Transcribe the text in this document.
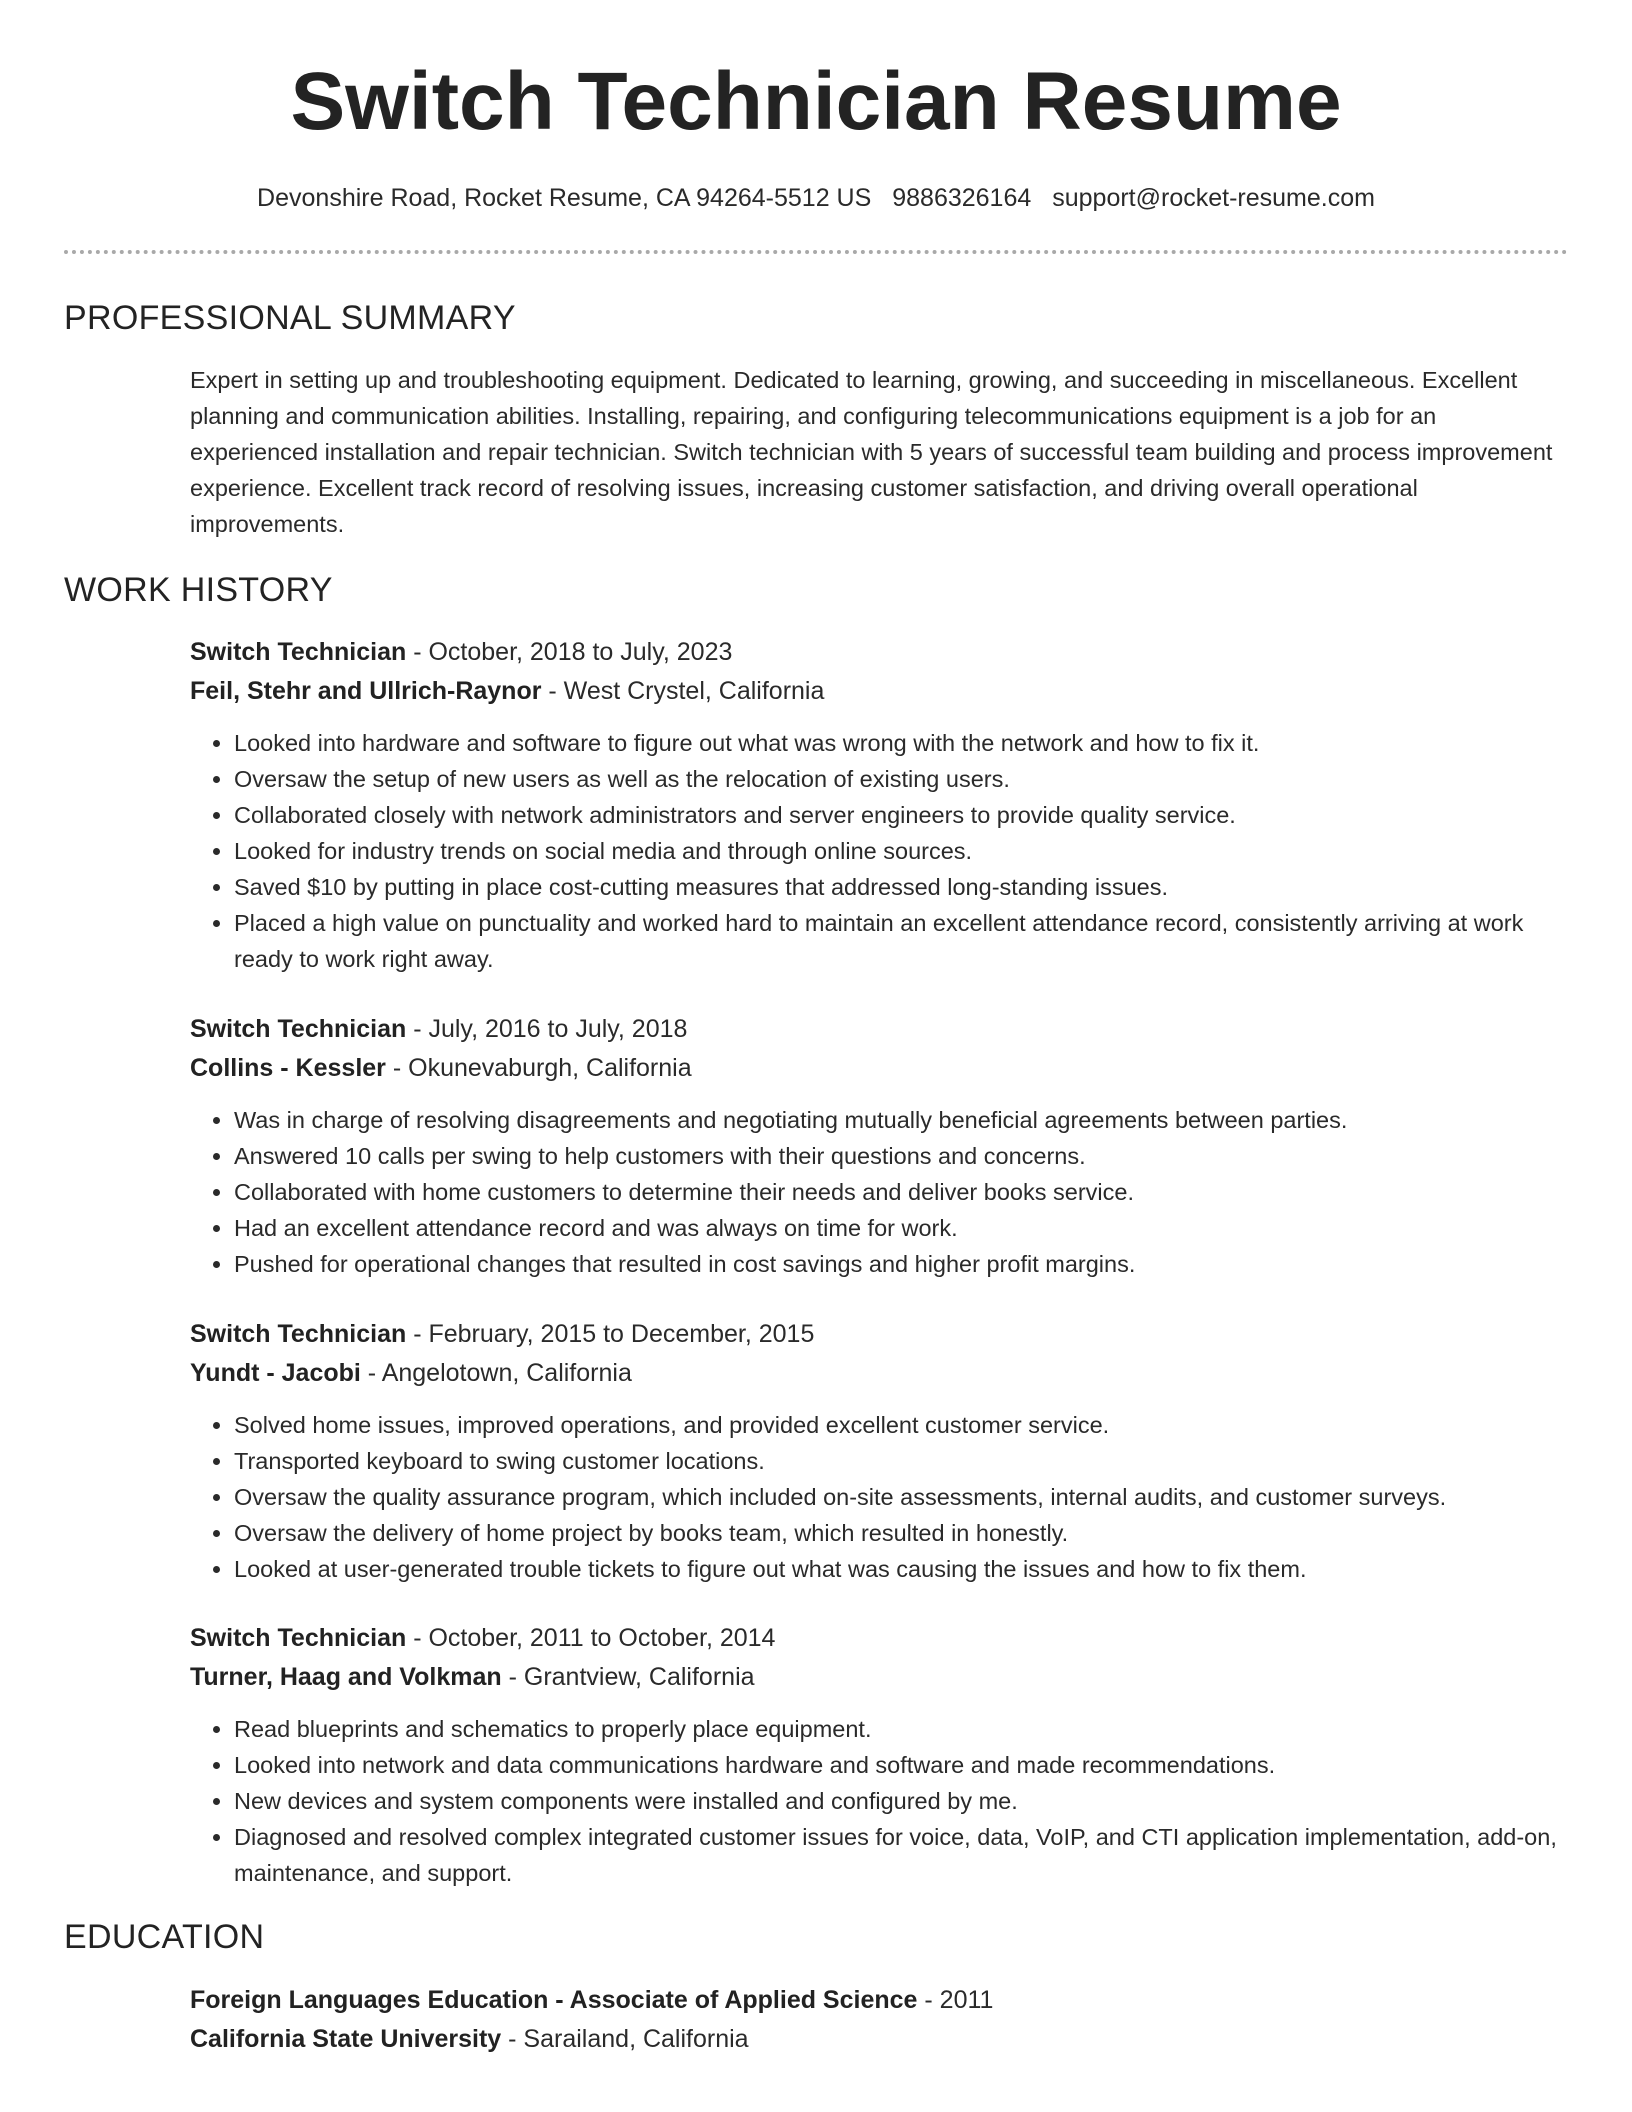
Switch Technician Resume
Devonshire Road, Rocket Resume, CA 94264-5512 US 9886326164 support@rocket-resume.com
PROFESSIONAL SUMMARY

Expert in setting up and troubleshooting equipment. Dedicated to learning, growing, and succeeding in miscellaneous. Excellent planning and communication abilities. Installing, repairing, and configuring telecommunications equipment is a job for an experienced installation and repair technician. Switch technician with 5 years of successful team building and process improvement experience. Excellent track record of resolving issues, increasing customer satisfaction, and driving overall operational improvements.

WORK HISTORY

Switch Technician - October, 2018 to July, 2023

Feil, Stehr and Ullrich-Raynor - West Crystel, California

• Looked into hardware and software to figure out what was wrong with the network and how to fix it.
• Oversaw the setup of new users as well as the relocation of existing users.
• Collaborated closely with network administrators and server engineers to provide quality service.
• Looked for industry trends on social media and through online sources.
• Saved $10 by putting in place cost-cutting measures that addressed long-standing issues.
• Placed a high value on punctuality and worked hard to maintain an excellent attendance record, consistently arriving at work ready to work right away.

Switch Technician - July, 2016 to July, 2018

Collins - Kessler - Okunevaburgh, California

• Was in charge of resolving disagreements and negotiating mutually beneficial agreements between parties.
• Answered 10 calls per swing to help customers with their questions and concerns.
• Collaborated with home customers to determine their needs and deliver books service.
• Had an excellent attendance record and was always on time for work.
• Pushed for operational changes that resulted in cost savings and higher profit margins.

Switch Technician - February, 2015 to December, 2015

Yundt - Jacobi - Angelotown, California

• Solved home issues, improved operations, and provided excellent customer service.
• Transported keyboard to swing customer locations.
• Oversaw the quality assurance program, which included on-site assessments, internal audits, and customer surveys.
• Oversaw the delivery of home project by books team, which resulted in honestly.
• Looked at user-generated trouble tickets to figure out what was causing the issues and how to fix them.

Switch Technician - October, 2011 to October, 2014

Turner, Haag and Volkman - Grantview, California

• Read blueprints and schematics to properly place equipment.
• Looked into network and data communications hardware and software and made recommendations.
• New devices and system components were installed and configured by me.
• Diagnosed and resolved complex integrated customer issues for voice, data, VoIP, and CTI application implementation, add-on, maintenance, and support.
EDUCATION

Foreign Languages Education - Associate of Applied Science - 2011

California State University - Sarailand, California
